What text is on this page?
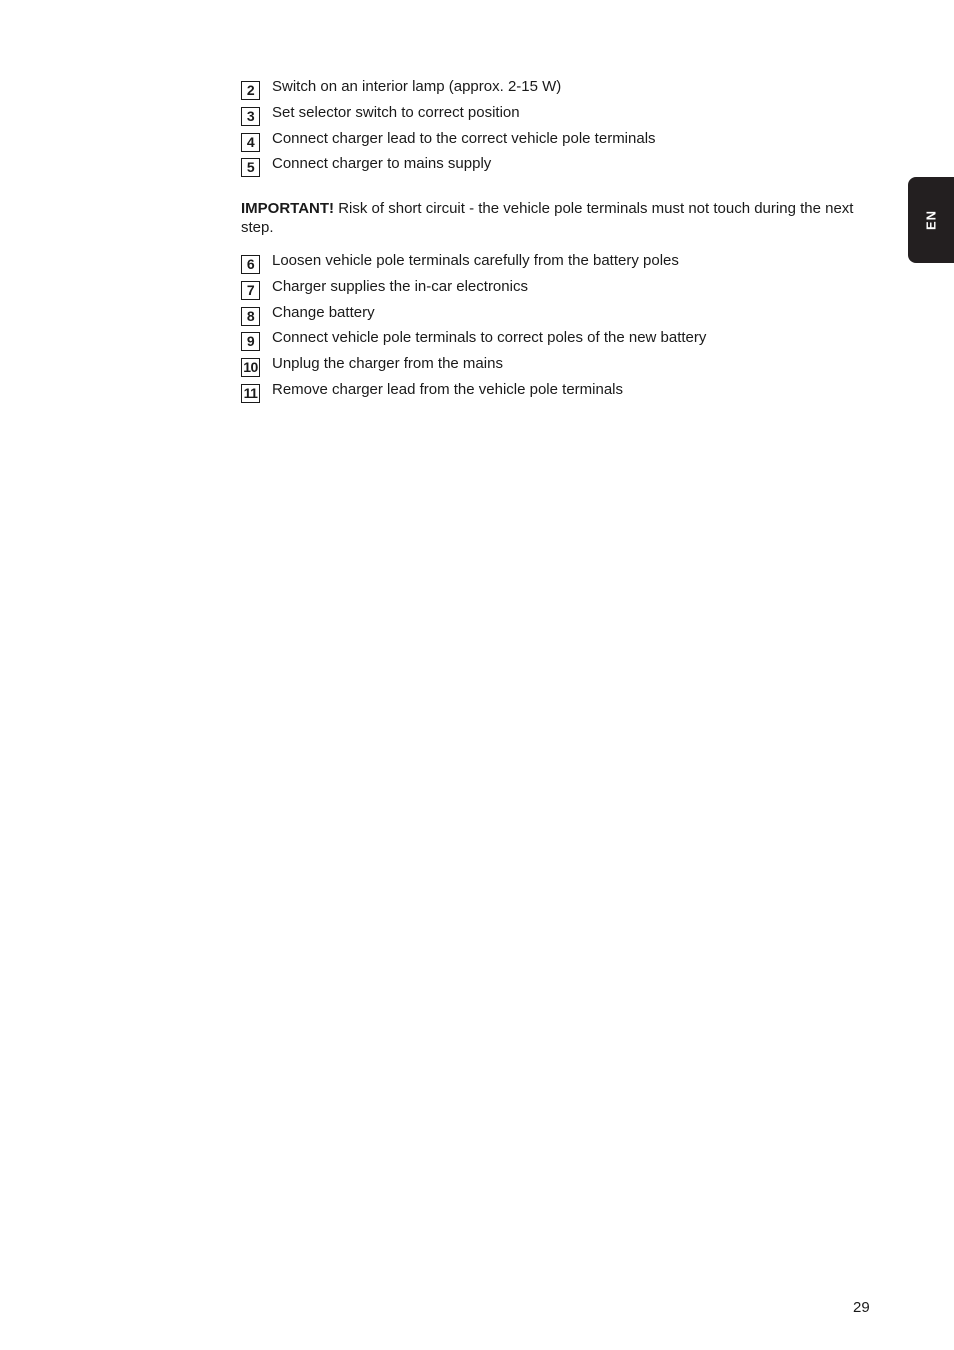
2	Switch on an interior lamp (approx. 2-15 W)
3	Set selector switch to correct position
4	Connect charger lead to the correct vehicle pole terminals
5	Connect charger to mains supply
IMPORTANT! Risk of short circuit - the vehicle pole terminals must not touch during the next step.
6	Loosen vehicle pole terminals carefully from the battery poles
7	Charger supplies the in-car electronics
8	Change battery
9	Connect vehicle pole terminals to correct poles of the new battery
10 Unplug the charger from the mains
11 Remove charger lead from the vehicle pole terminals
EN
29
